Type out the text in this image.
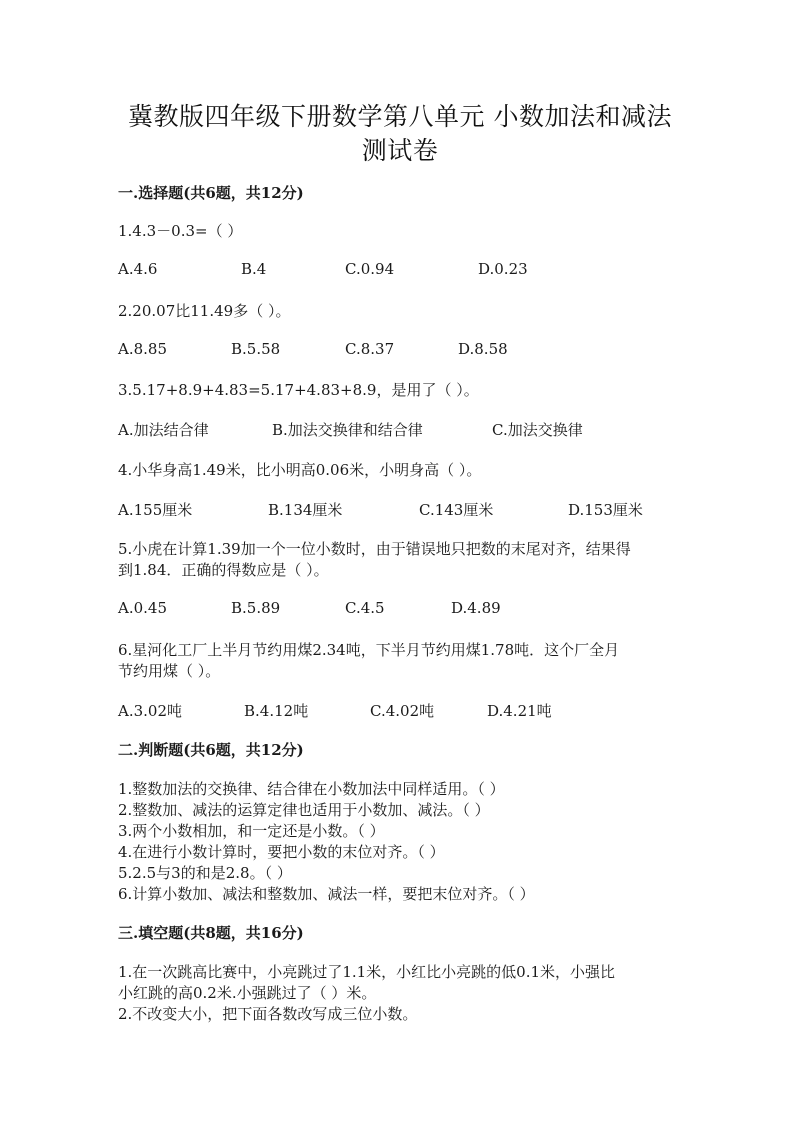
冀教版四年级下册数学第八单元 小数加法和减法
测试卷
一.选择题(共6题，共12分)
1.4.3－0.3=（ ）
A.4.6	B.4	C.0.94	D.0.23
2.20.07比11.49多（ ）。
A.8.85	B.5.58	C.8.37	D.8.58
3.5.17+8.9+4.83=5.17+4.83+8.9，是用了（ ）。
A.加法结合律	B.加法交换律和结合律	C.加法交换律
4.小华身高1.49米，比小明高0.06米，小明身高（ ）。
A.155厘米	B.134厘米	C.143厘米	D.153厘米
5.小虎在计算1.39加一个一位小数时，由于错误地只把数的末尾对齐，结果得
到1.84．正确的得数应是（ ）。
A.0.45	B.5.89	C.4.5	D.4.89
6.星河化工厂上半月节约用煤2.34吨，下半月节约用煤1.78吨．这个厂全月
节约用煤（ ）。
A.3.02吨	B.4.12吨	C.4.02吨	D.4.21吨
二.判断题(共6题，共12分)
1.整数加法的交换律、结合律在小数加法中同样适用。（ ）
2.整数加、减法的运算定律也适用于小数加、减法。（ ）
3.两个小数相加，和一定还是小数。（ ）
4.在进行小数计算时，要把小数的末位对齐。（ ）
5.2.5与3的和是2.8。（ ）
6.计算小数加、减法和整数加、减法一样，要把末位对齐。（ ）
三.填空题(共8题，共16分)
1.在一次跳高比赛中，小亮跳过了1.1米，小红比小亮跳的低0.1米，小强比
小红跳的高0.2米.小强跳过了（ ）米。
2.不改变大小，把下面各数改写成三位小数。
